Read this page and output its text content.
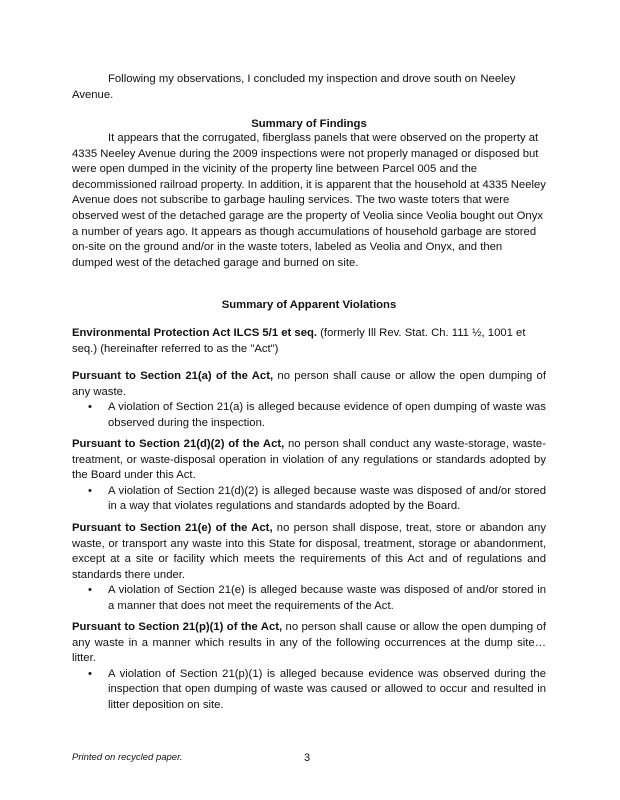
Following my observations, I concluded my inspection and drove south on Neeley Avenue.
Summary of Findings
It appears that the corrugated, fiberglass panels that were observed on the property at 4335 Neeley Avenue during the 2009 inspections were not properly managed or disposed but were open dumped in the vicinity of the property line between Parcel 005 and the decommissioned railroad property. In addition, it is apparent that the household at 4335 Neeley Avenue does not subscribe to garbage hauling services. The two waste toters that were observed west of the detached garage are the property of Veolia since Veolia bought out Onyx a number of years ago. It appears as though accumulations of household garbage are stored on-site on the ground and/or in the waste toters, labeled as Veolia and Onyx, and then dumped west of the detached garage and burned on site.
Summary of Apparent Violations
Environmental Protection Act ILCS 5/1 et seq. (formerly Ill Rev. Stat. Ch. 111 ½, 1001 et seq.) (hereinafter referred to as the "Act")
Pursuant to Section 21(a) of the Act, no person shall cause or allow the open dumping of any waste.
• A violation of Section 21(a) is alleged because evidence of open dumping of waste was observed during the inspection.
Pursuant to Section 21(d)(2) of the Act, no person shall conduct any waste-storage, waste-treatment, or waste-disposal operation in violation of any regulations or standards adopted by the Board under this Act.
• A violation of Section 21(d)(2) is alleged because waste was disposed of and/or stored in a way that violates regulations and standards adopted by the Board.
Pursuant to Section 21(e) of the Act, no person shall dispose, treat, store or abandon any waste, or transport any waste into this State for disposal, treatment, storage or abandonment, except at a site or facility which meets the requirements of this Act and of regulations and standards there under.
• A violation of Section 21(e) is alleged because waste was disposed of and/or stored in a manner that does not meet the requirements of the Act.
Pursuant to Section 21(p)(1) of the Act, no person shall cause or allow the open dumping of any waste in a manner which results in any of the following occurrences at the dump site…litter.
• A violation of Section 21(p)(1) is alleged because evidence was observed during the inspection that open dumping of waste was caused or allowed to occur and resulted in litter deposition on site.
Printed on recycled paper.	3
